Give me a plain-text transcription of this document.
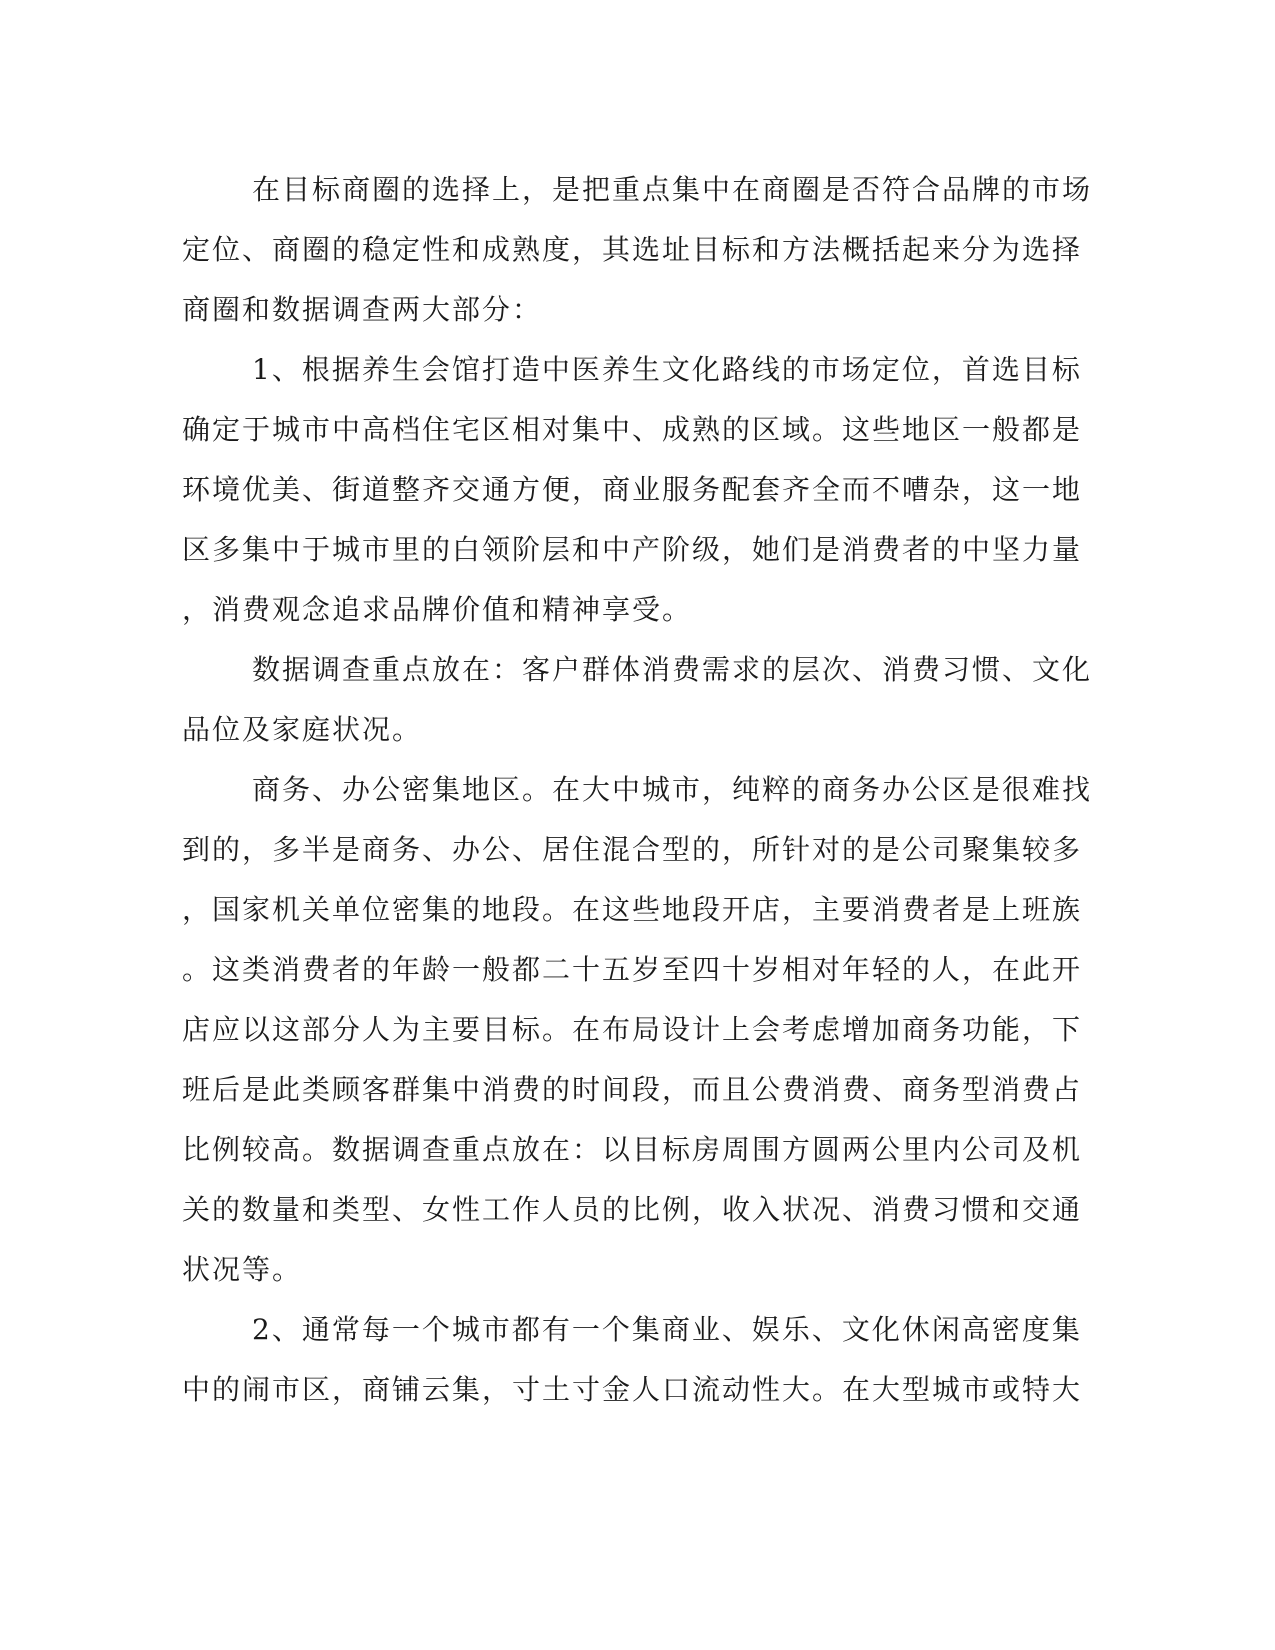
在目标商圈的选择上，是把重点集中在商圈是否符合品牌的市场
定位、商圈的稳定性和成熟度，其选址目标和方法概括起来分为选择
商圈和数据调查两大部分：
1、根据养生会馆打造中医养生文化路线的市场定位，首选目标
确定于城市中高档住宅区相对集中、成熟的区域。这些地区一般都是
环境优美、街道整齐交通方便，商业服务配套齐全而不嘈杂，这一地
区多集中于城市里的白领阶层和中产阶级，她们是消费者的中坚力量
，消费观念追求品牌价值和精神享受。
数据调查重点放在：客户群体消费需求的层次、消费习惯、文化
品位及家庭状况。
商务、办公密集地区。在大中城市，纯粹的商务办公区是很难找
到的，多半是商务、办公、居住混合型的，所针对的是公司聚集较多
，国家机关单位密集的地段。在这些地段开店，主要消费者是上班族
。这类消费者的年龄一般都二十五岁至四十岁相对年轻的人，在此开
店应以这部分人为主要目标。在布局设计上会考虑增加商务功能，下
班后是此类顾客群集中消费的时间段，而且公费消费、商务型消费占
比例较高。数据调查重点放在：以目标房周围方圆两公里内公司及机
关的数量和类型、女性工作人员的比例，收入状况、消费习惯和交通
状况等。
2、通常每一个城市都有一个集商业、娱乐、文化休闲高密度集
中的闹市区，商铺云集，寸土寸金人口流动性大。在大型城市或特大
